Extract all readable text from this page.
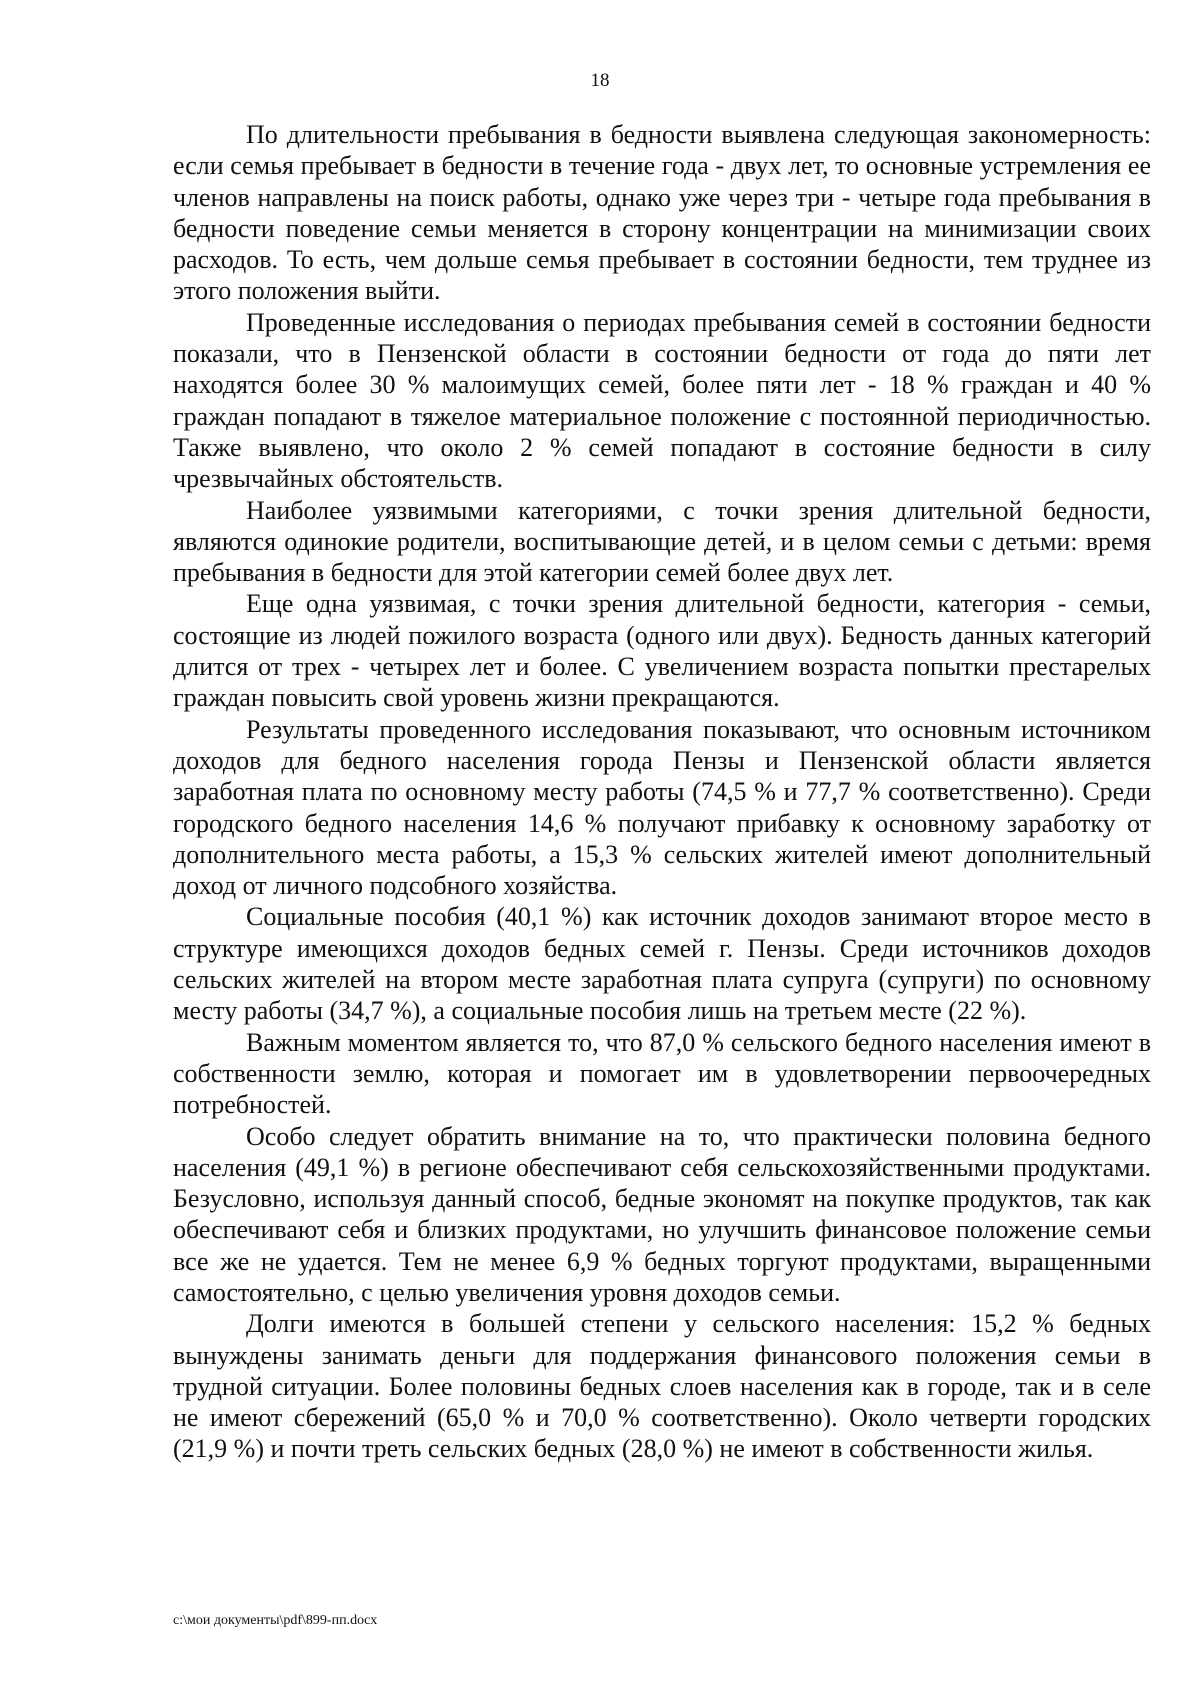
18

По длительности пребывания в бедности выявлена следующая закономерность: если семья пребывает в бедности в течение года - двух лет, то основные устремления ее членов направлены на поиск работы, однако уже через три - четыре года пребывания в бедности поведение семьи меняется в сторону концентрации на минимизации своих расходов. То есть, чем дольше семья пребывает в состоянии бедности, тем труднее из этого положения выйти.

Проведенные исследования о периодах пребывания семей в состоянии бедности показали, что в Пензенской области в состоянии бедности от года до пяти лет находятся более 30 % малоимущих семей, более пяти лет - 18 % граждан и 40 % граждан попадают в тяжелое материальное положение с постоянной периодичностью. Также выявлено, что около 2 % семей попадают в состояние бедности в силу чрезвычайных обстоятельств.

Наиболее уязвимыми категориями, с точки зрения длительной бедности, являются одинокие родители, воспитывающие детей, и в целом семьи с детьми: время пребывания в бедности для этой категории семей более двух лет.

Еще одна уязвимая, с точки зрения длительной бедности, категория - семьи, состоящие из людей пожилого возраста (одного или двух). Бедность данных категорий длится от трех - четырех лет и более. С увеличением возраста попытки престарелых граждан повысить свой уровень жизни прекращаются.

Результаты проведенного исследования показывают, что основным источником доходов для бедного населения города Пензы и Пензенской области является заработная плата по основному месту работы (74,5 % и 77,7 % соответственно). Среди городского бедного населения 14,6 % получают прибавку к основному заработку от дополнительного места работы, а 15,3 % сельских жителей имеют дополнительный доход от личного подсобного хозяйства.

Социальные пособия (40,1 %) как источник доходов занимают второе место в структуре имеющихся доходов бедных семей г. Пензы. Среди источников доходов сельских жителей на втором месте заработная плата супруга (супруги) по основному месту работы (34,7 %), а социальные пособия лишь на третьем месте (22 %).

Важным моментом является то, что 87,0 % сельского бедного населения имеют в собственности землю, которая и помогает им в удовлетворении первоочередных потребностей.

Особо следует обратить внимание на то, что практически половина бедного населения (49,1 %) в регионе обеспечивают себя сельскохозяйственными продуктами. Безусловно, используя данный способ, бедные экономят на покупке продуктов, так как обеспечивают себя и близких продуктами, но улучшить финансовое положение семьи все же не удается. Тем не менее 6,9 % бедных торгуют продуктами, выращенными самостоятельно, с целью увеличения уровня доходов семьи.

Долги имеются в большей степени у сельского населения: 15,2 % бедных вынуждены занимать деньги для поддержания финансового положения семьи в трудной ситуации. Более половины бедных слоев населения как в городе, так и в селе не имеют сбережений (65,0 % и 70,0 % соответственно). Около четверти городских (21,9 %) и почти треть сельских бедных (28,0 %) не имеют в собственности жилья.

c:\мои документы\pdf\899-пп.docx
